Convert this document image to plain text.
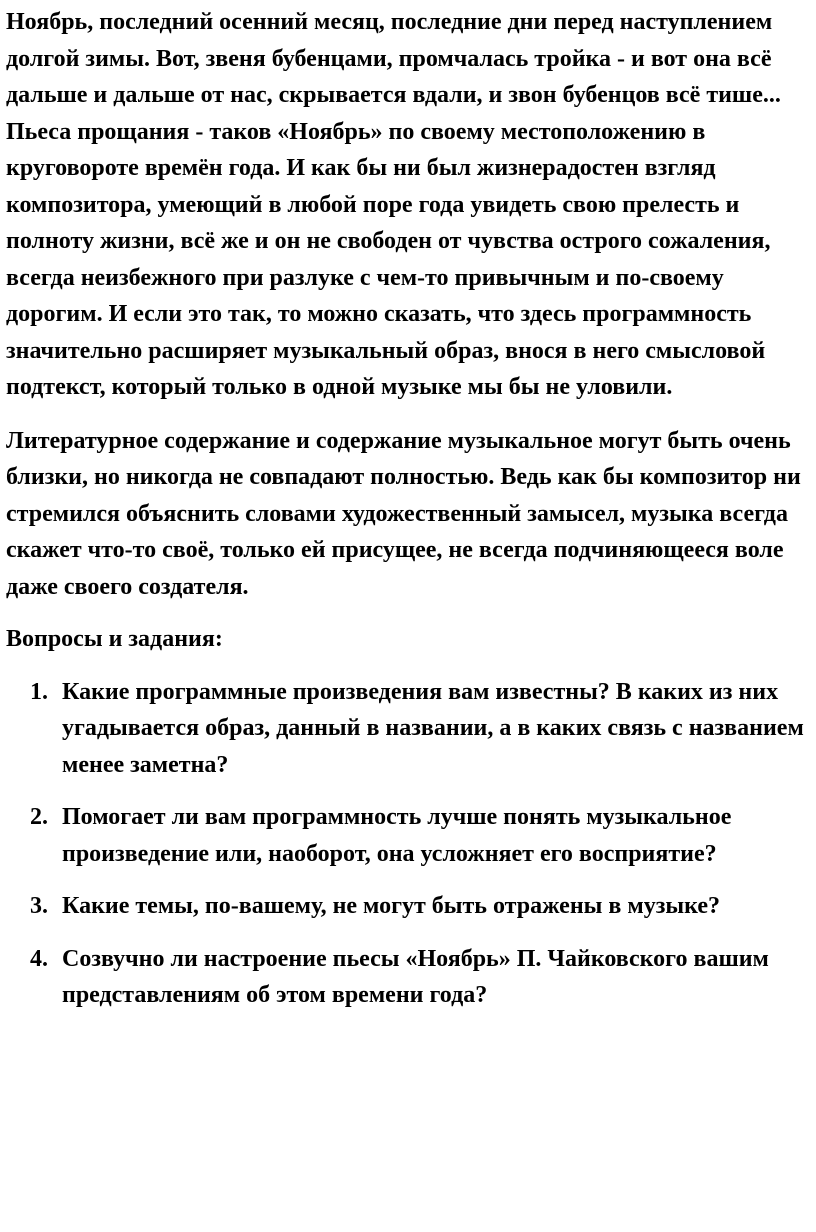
Ноябрь, последний осенний месяц, последние дни перед наступлением долгой зимы. Вот, звеня бубенцами, промчалась тройка - и вот она всё дальше и дальше от нас, скрывается вдали, и звон бубенцов всё тише... Пьеса прощания - таков «Ноябрь» по своему местоположению в круговороте времён года. И как бы ни был жизнерадостен взгляд композитора, умеющий в любой поре года увидеть свою прелесть и полноту жизни, всё же и он не свободен от чувства острого сожаления, всегда неизбежного при разлуке с чем-то привычным и по-своему дорогим. И если это так, то можно сказать, что здесь программность значительно расширяет музыкальный образ, внося в него смысловой подтекст, который только в одной музыке мы бы не уловили.

Литературное содержание и содержание музыкальное могут быть очень близки, но никогда не совпадают полностью. Ведь как бы композитор ни стремился объяснить словами художественный замысел, музыка всегда скажет что-то своё, только ей присущее, не всегда подчиняющееся воле даже своего создателя.

Вопросы и задания:

1. Какие программные произведения вам известны? В каких из них угадывается образ, данный в названии, а в каких связь с названием менее заметна?
2. Помогает ли вам программность лучше понять музыкальное произведение или, наоборот, она усложняет его восприятие?
3. Какие темы, по-вашему, не могут быть отражены в музыке?
4. Созвучно ли настроение пьесы «Ноябрь» П. Чайковского вашим представлениям об этом времени года?
